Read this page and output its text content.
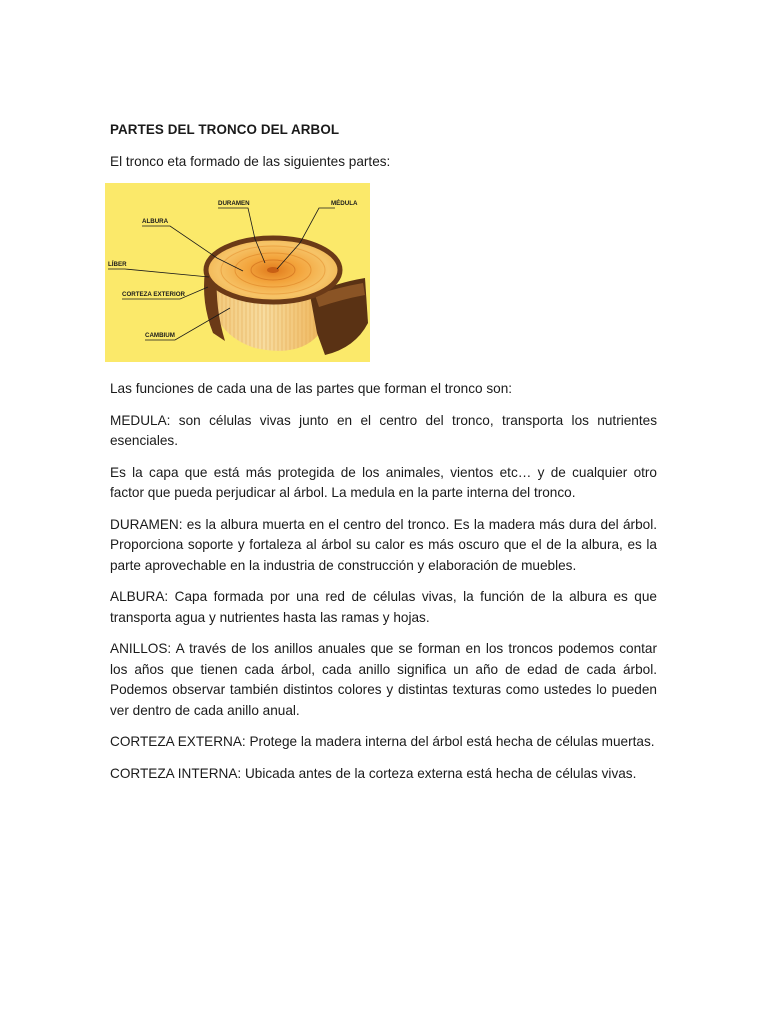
PARTES DEL TRONCO DEL ARBOL
El tronco eta formado de las siguientes partes:
DURAMEN	MÉDULA
ALBURA
LÍBER
CORTEZA EXTERIOR
CAMBIUM
Las funciones de cada una de las partes que forman el tronco son:
MEDULA: son células vivas junto en el centro del tronco, transporta los nutrientes esenciales.
Es la capa que está más protegida de los animales, vientos etc… y de cualquier otro factor que pueda perjudicar al árbol. La medula en la parte interna del tronco.
DURAMEN: es la albura muerta en el centro del tronco. Es la madera más dura del árbol. Proporciona soporte y fortaleza al árbol su calor es más oscuro que el de la albura, es la parte aprovechable en la industria de construcción y elaboración de muebles.
ALBURA: Capa formada por una red de células vivas, la función de la albura es que transporta agua y nutrientes hasta las ramas y hojas.
ANILLOS: A través de los anillos anuales que se forman en los troncos podemos contar los años que tienen cada árbol, cada anillo significa un año de edad de cada árbol. Podemos observar también distintos colores y distintas texturas como ustedes lo pueden ver dentro de cada anillo anual.
CORTEZA EXTERNA: Protege la madera interna del árbol está hecha de células muertas.
CORTEZA INTERNA: Ubicada antes de la corteza externa está hecha de células vivas.
